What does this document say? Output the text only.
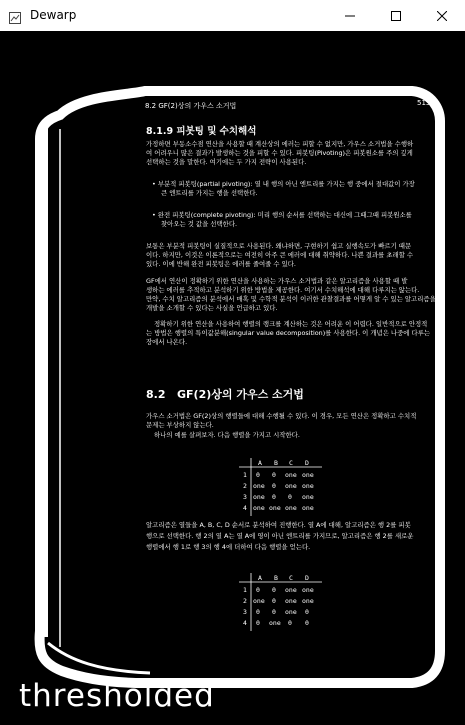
Dewarp
8.2 GF(2)상의 가우스 소거법	513
8.1.9 피봇팅 및 수치해석
가정하면 부동소수점 연산을 사용할 때 계산상의 에러는 피할 수 없지만, 가우스 소거법을 수행하
여 어려우니 많은 결과가 발생하는 것을 피할 수 있다. 피봇팅(Pivoting)은 피봇원소를 주의 깊게
선택하는 것을 말한다. 여기에는 두 가지 전략이 사용된다.
• 부분적 피봇팅(partial pivoting): 열 내 행의 아닌 엔트리를 가지는 행 중에서 절대값이 가장
큰 엔트리를 가지는 행을 선택한다.
• 완전 피봇팅(complete pivoting): 미리 행의 순서를 선택하는 대신에 그때그때 피봇원소를
찾아오는 것 값을 선택한다.
보통은 부분적 피봇팅이 실질적으로 사용된다. 왜냐하면, 구현하기 쉽고 실행속도가 빠르기 때문
이다. 하지만, 이것은 이론적으로는 여전히 아주 큰 에러에 대해 취약하다. 나쁜 결과를 초래할 수
있다. 이에 반해 완전 피봇팅은 에러를 줄여줄 수 있다.
GF에서 연산이 정확하기 위한 연산을 사용하는 가우스 소거법과 같은 알고리즘을 사용할 때 발
생하는 에러를 추적하고 분석하기 위한 방법을 제공한다. 여기서 수치해석에 대해 다루지는 않는다.
만약, 수치 알고리즘의 분석에서 매혹 및 수학적 분석이 이러한 관찰결과를 어떻게 알 수 있는 알고리즘을
개발을 소개할 수 있다는 사실을 언급하고 있다.
정확하기 위한 연산을 사용하여 행렬의 랭크를 계산하는 것은 어려운 이 어렵다. 일반적으로 안정적
는 방법은 행렬의 특이값분해(singular value decomposition)를 사용한다. 이 개념은 나중에 다루는
장에서 나온다.
8.2 GF(2)상의 가우스 소거법
가우스 소거법은 GF(2)상의 행렬들에 대해 수행될 수 있다. 이 경우, 모든 연산은 정확하고 수치적
문제는 부상하지 않는다.
하나의 예를 살펴보자. 다음 행렬을 가지고 시작한다.
A B C D
1 0 0 one one
2 one 0 one one
3 one 0 0 one
4 one one one one
알고리즘은 열들을 A, B, C, D 순서로 분석하여 진행한다. 열 A에 대해, 알고리즘은 행 2를 피봇
행으로 선택한다. 행 2의 열 A는 열 A에 영이 아닌 엔트리를 가지므로, 알고리즘은 행 2를 새로운
행렬에서 행 1로 행 3의 행 4에 더하여 다음 행렬을 얻는다.
A B C D
1 0 0 one one
2 one 0 one one
3 0 0 one 0
4 0 one 0 0
thresholded
